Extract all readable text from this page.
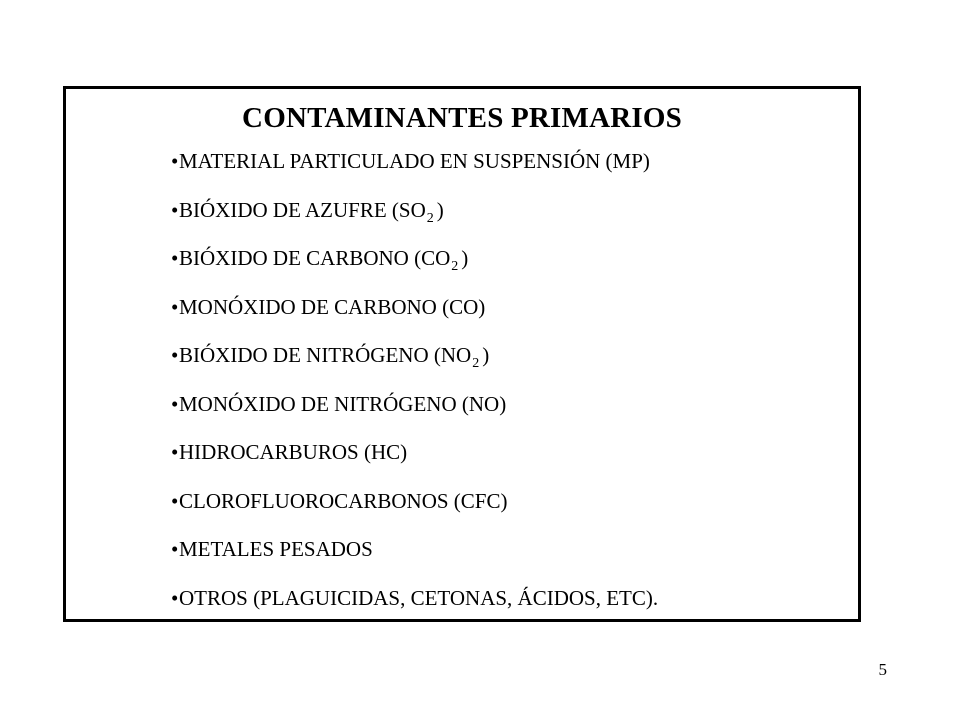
CONTAMINANTES PRIMARIOS
•MATERIAL PARTICULADO EN SUSPENSIÓN (MP)
•BIÓXIDO DE AZUFRE ($SO_2$ )
•BIÓXIDO DE CARBONO ($CO_2$ )
•MONÓXIDO DE CARBONO (CO)
•BIÓXIDO DE NITRÓGENO ($NO_2$ )
•MONÓXIDO DE NITRÓGENO (NO)
•HIDROCARBUROS (HC)
•CLOROFLUOROCARBONOS (CFC)
•METALES PESADOS
•OTROS (PLAGUICIDAS, CETONAS, ÁCIDOS, ETC).
5
